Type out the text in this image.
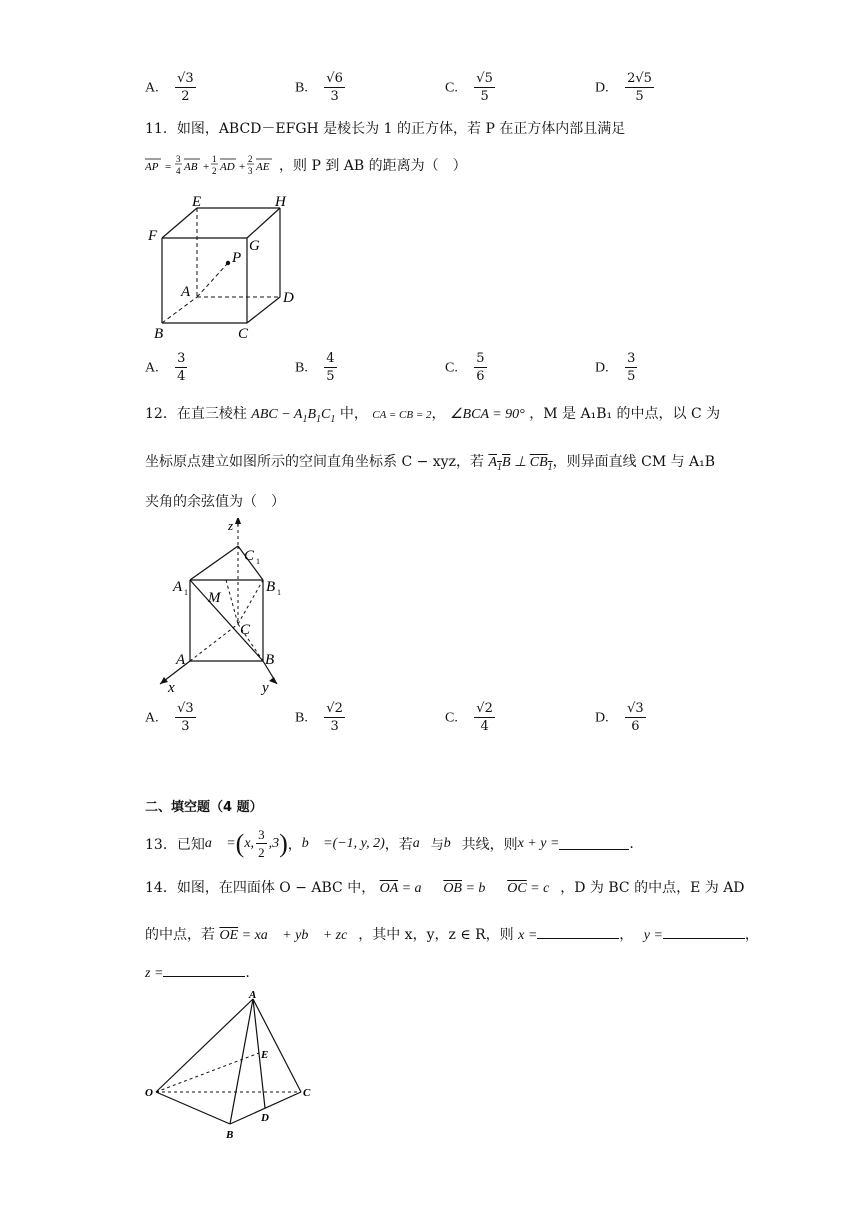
A. $\frac{√3}{2}$	B. $\frac{√6}{3}$	C. $\frac{√5}{5}$	D. $\frac{2√5}{5}$
11．如图，ABCD－EFGH 是棱长为 1 的正方体，若 P 在正方体内部且满足
AP =
3
4 AB +
1
2 AD +
2
3 AE ，则 P 到 AB 的距离为（　）
E	H
F
G
P
A	D
B	C
A. $\frac{3}{4}$	B. $\frac{4}{5}$	C. $\frac{5}{6}$	D. $\frac{3}{5}$
12．在直三棱柱 ABC − $A_1B_1C_1$ 中， CA = CB = 2， ∠BCA = 90° ，M 是 A₁B₁ 的中点，以 C 为
坐标原点建立如图所示的空间直角坐标系 C − xyz，若 $A_1B$ ⊥ $CB_1$，则异面直线 CM 与 A₁B
夹角的余弦值为（　）
z
C 1
A 1	B 1
M
C
A	B
x	y
A. $\frac{√3}{3}$	B. $\frac{√2}{3}$	C. $\frac{√2}{4}$	D. $\frac{√3}{6}$
二、填空题（4 题）
13．已知 a⃗ = ( x, $\frac{3}{2} ,3$ ) ， b⃗ =(−1, y, 2) ，若 a⃗ 与 b⃗ 共线，则 x + y =	.
14．如图，在四面体 O − ABC 中， $\overline{OA}$ = a⃗，$\overline{OB}$ = b⃗，$\overline{OC}$ = c⃗，D 为 BC 的中点，E 为 AD
的中点，若 $\overline{OE}$ = xa⃗ + yb⃗ + zc⃗，其中 x，y，z ∈ R，则 x =	， y =	，
z =	.
A
E
O	C
B
D
